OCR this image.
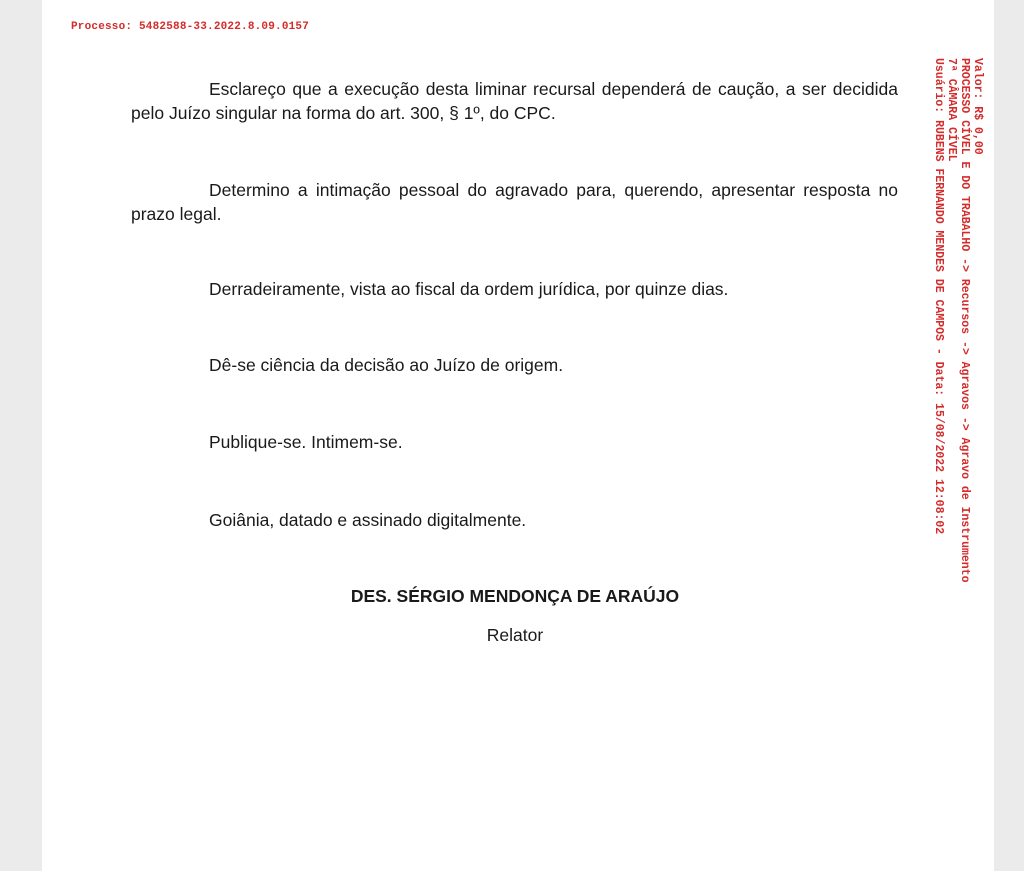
Processo: 5482588-33.2022.8.09.0157
Esclareço que a execução desta liminar recursal dependerá de caução, a ser decidida pelo Juízo singular na forma do art. 300, § 1º, do CPC.
Determino a intimação pessoal do agravado para, querendo, apresentar resposta no prazo legal.
Derradeiramente, vista ao fiscal da ordem jurídica, por quinze dias.
Dê-se ciência da decisão ao Juízo de origem.
Publique-se. Intimem-se.
Goiânia, datado e assinado digitalmente.
DES. SÉRGIO MENDONÇA DE ARAÚJO
Relator
Valor: R$ 0,00
PROCESSO CÍVEL E DO TRABALHO -> Recursos -> Agravos -> Agravo de Instrumento
7ª CÂMARA CÍVEL
Usuário: RUBENS FERNANDO MENDES DE CAMPOS - Data: 15/08/2022 12:08:02
